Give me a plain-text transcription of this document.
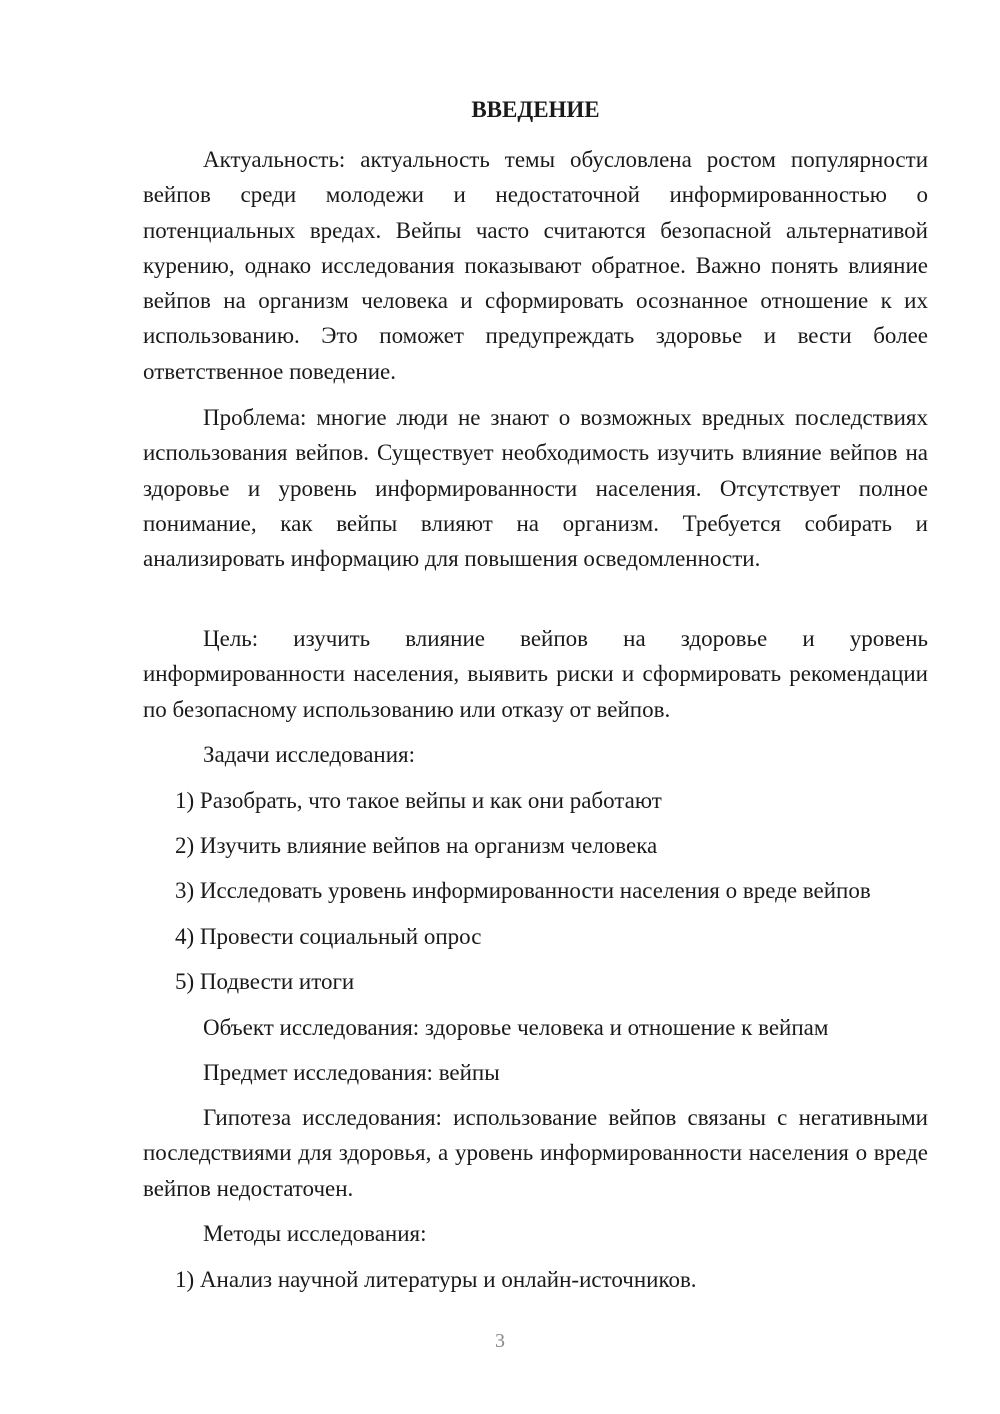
ВВЕДЕНИЕ

Актуальность: актуальность темы обусловлена ростом популярности вейпов среди молодежи и недостаточной информированностью о потенциальных вредах. Вейпы часто считаются безопасной альтернативой курению, однако исследования показывают обратное. Важно понять влияние вейпов на организм человека и сформировать осознанное отношение к их использованию. Это поможет предупреждать здоровье и вести более ответственное поведение.

Проблема: многие люди не знают о возможных вредных последствиях использования вейпов. Существует необходимость изучить влияние вейпов на здоровье и уровень информированности населения. Отсутствует полное понимание, как вейпы влияют на организм. Требуется собирать и анализировать информацию для повышения осведомленности.

Цель: изучить влияние вейпов на здоровье и уровень информированности населения, выявить риски и сформировать рекомендации по безопасному использованию или отказу от вейпов.

Задачи исследования:
1) Разобрать, что такое вейпы и как они работают
2) Изучить влияние вейпов на организм человека
3) Исследовать уровень информированности населения о вреде вейпов
4) Провести социальный опрос
5) Подвести итоги
Объект исследования: здоровье человека и отношение к вейпам
Предмет исследования: вейпы

Гипотеза исследования: использование вейпов связаны с негативными последствиями для здоровья, а уровень информированности населения о вреде вейпов недостаточен.

Методы исследования:
1) Анализ научной литературы и онлайн-источников.
3
